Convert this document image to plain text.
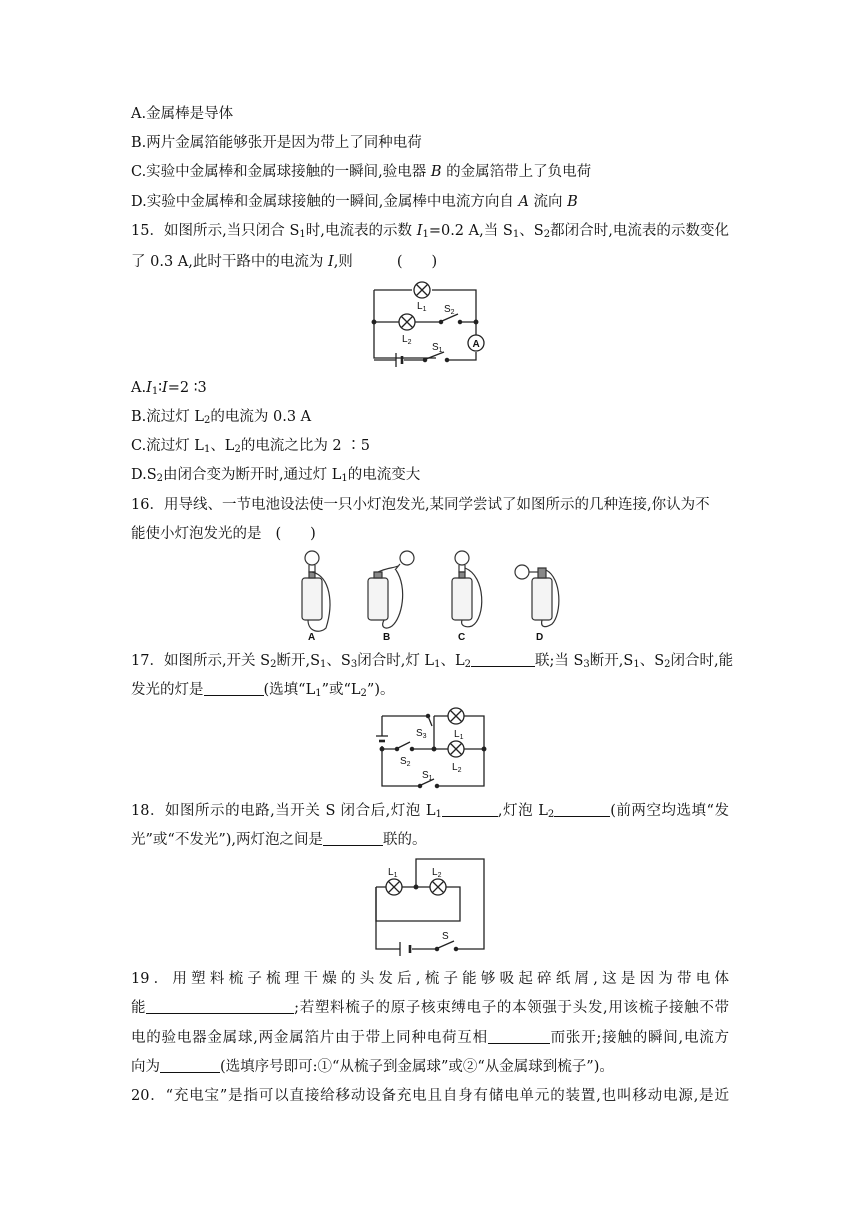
A.金属棒是导体
B.两片金属箔能够张开是因为带上了同种电荷
C.实验中金属棒和金属球接触的一瞬间,验电器 B 的金属箔带上了负电荷
D.实验中金属棒和金属球接触的一瞬间,金属棒中电流方向自 A 流向 B
15．如图所示,当只闭合 $S_1$时,电流表的示数 $I_1=0.2$ A,当 $S_1$、$S_2$都闭合时,电流表的示数变化
了 0.3 A,此时干路中的电流为 I,则	(　　)
$L_1$ $S_2$
$L_2$ $S_1$
A
$A.I_1∶I=2$ ∶3
B.流过灯 $L_2$的电流为 0.3 A
C.流过灯 $L_1$、$L_2$的电流之比为 2 ∶5
$D.S_2$由闭合变为断开时,通过灯 $L_1$的电流变大
16．用导线、一节电池设法使一只小灯泡发光,某同学尝试了如图所示的几种连接,你认为不
能使小灯泡发光的是 (　　)
A	B	C	D
17．如图所示,开关 $S_2$断开$,S_1$、$S_3$闭合时,灯 $L_1$、$L_2$	联;当 $S_3$断开$,S_1$、$S_2$闭合时,能
发光的灯是	(选填“$L_1$”或“$L_2$”)。
$S_3$	$L_1$
$S_2$	$L_2$
$S_1$
18．如图所示的电路,当开关 S 闭合后,灯泡 $L_1$	,灯泡 $L_2$	(前两空均选填“发
光”或“不发光”),两灯泡之间是	联的。
$L_1$	$L_2$
S
19．用塑料梳子梳理干燥的头发后,梳子能够吸起碎纸屑,这是因为带电体
能	;若塑料梳子的原子核束缚电子的本领强于头发,用该梳子接触不带
电的验电器金属球,两金属箔片由于带上同种电荷互相	而张开;接触的瞬间,电流方
向为	(选填序号即可:①“从梳子到金属球”或②“从金属球到梳子”)。
20．“充电宝”是指可以直接给移动设备充电且自身有储电单元的装置,也叫移动电源,是近
